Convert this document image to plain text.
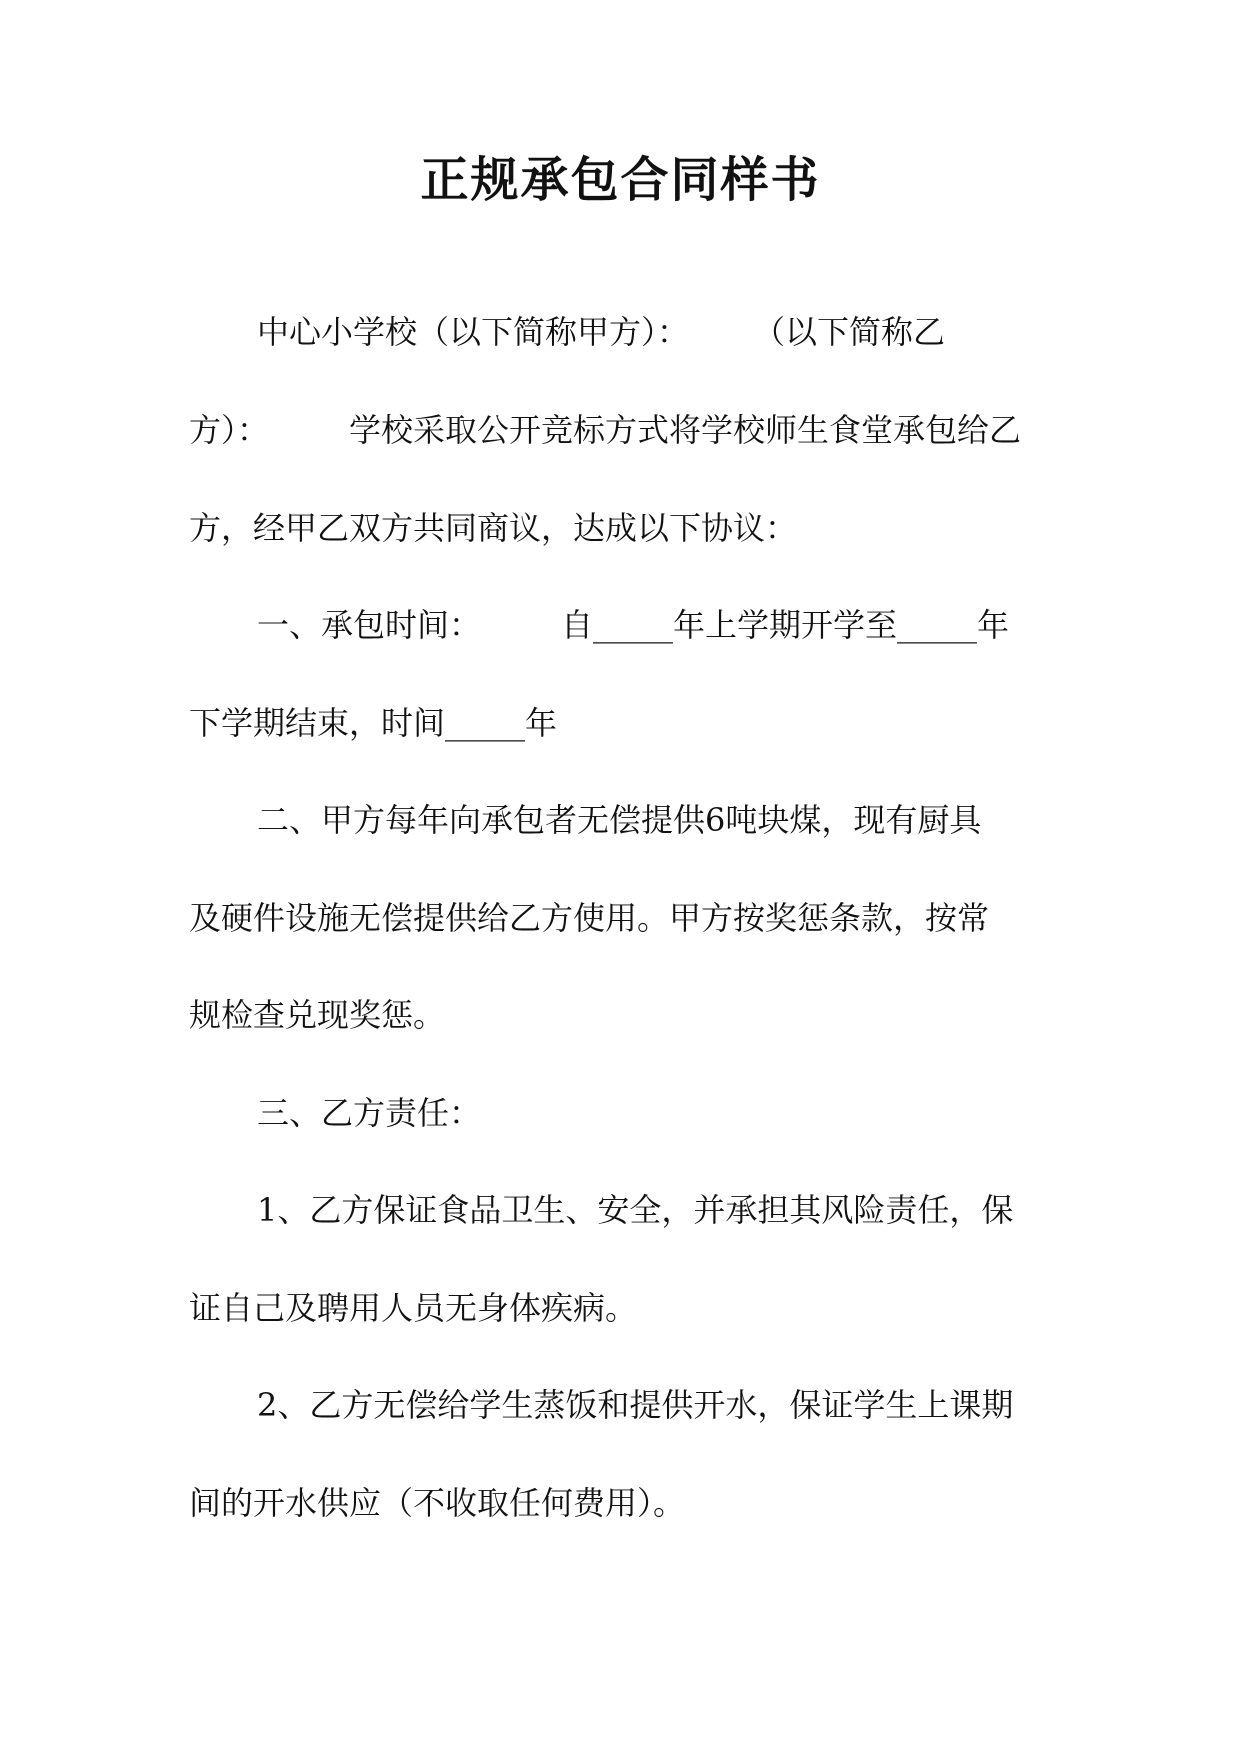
正规承包合同样书
中心小学校（以下简称甲方）：　　　（以下简称乙
方）：　　　学校采取公开竞标方式将学校师生食堂承包给乙
方，经甲乙双方共同商议，达成以下协议：
一、承包时间：　　　自_____年上学期开学至_____年
下学期结束，时间_____年
二、甲方每年向承包者无偿提供6吨块煤，现有厨具
及硬件设施无偿提供给乙方使用。甲方按奖惩条款，按常
规检查兑现奖惩。
三、乙方责任：
1、乙方保证食品卫生、安全，并承担其风险责任，保
证自己及聘用人员无身体疾病。
2、乙方无偿给学生蒸饭和提供开水，保证学生上课期
间的开水供应（不收取任何费用）。
